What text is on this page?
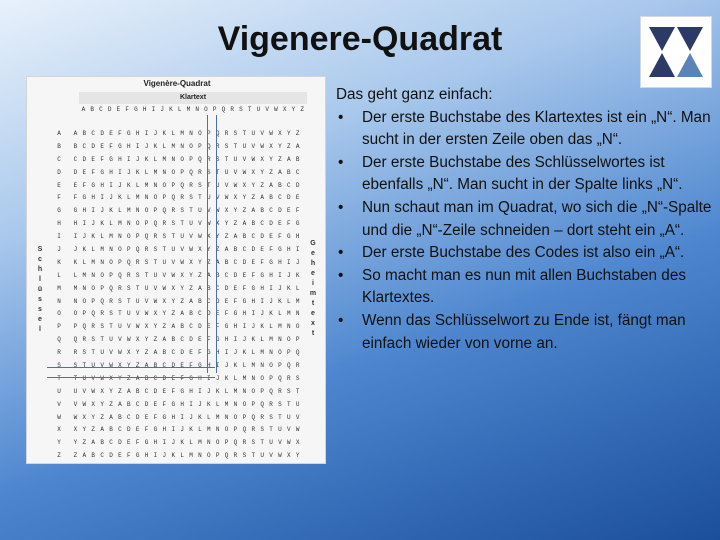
Vigenere-Quadrat
Vigenère-Quadrat
Klartext
A B C D E F G H I J K L M N O P Q R S T U V W X Y Z
S
c
h
l
ü
s
s
e
l
G
e
h
e
i
m
t
e
x
t
A	A B C D E F G H I J K L M N O P Q R S T U V W X Y Z
B	B C D E F G H I J K L M N O P Q R S T U V W X Y Z A
C	C D E F G H I J K L M N O P Q R S T U V W X Y Z A B
D	D E F G H I J K L M N O P Q R S T U V W X Y Z A B C
E	E F G H I J K L M N O P Q R S T U V W X Y Z A B C D
F	F G H I J K L M N O P Q R S T U V W X Y Z A B C D E
G	G H I J K L M N O P Q R S T U V W X Y Z A B C D E F
H	H I J K L M N O P Q R S T U V W X Y Z A B C D E F G
I	I J K L M N O P Q R S T U V W X Y Z A B C D E F G H
J	J K L M N O P Q R S T U V W X Y Z A B C D E F G H I
K	K L M N O P Q R S T U V W X Y Z A B C D E F G H I J
L	L M N O P Q R S T U V W X Y Z A B C D E F G H I J K
M	M N O P Q R S T U V W X Y Z A B C D E F G H I J K L
N	N O P Q R S T U V W X Y Z A B C D E F G H I J K L M
O	O P Q R S T U V W X Y Z A B C D E F G H I J K L M N
P	P Q R S T U V W X Y Z A B C D E F G H I J K L M N O
Q	Q R S T U V W X Y Z A B C D E F G H I J K L M N O P
R	R S T U V W X Y Z A B C D E F G H I J K L M N O P Q
S	S T U V W X Y Z A B C D E F G H I J K L M N O P Q R
T	T U V W X Y Z A B C D E F G H I J K L M N O P Q R S
U	U V W X Y Z A B C D E F G H I J K L M N O P Q R S T
V	V W X Y Z A B C D E F G H I J K L M N O P Q R S T U
W	W X Y Z A B C D E F G H I J K L M N O P Q R S T U V
X	X Y Z A B C D E F G H I J K L M N O P Q R S T U V W
Y	Y Z A B C D E F G H I J K L M N O P Q R S T U V W X
Z	Z A B C D E F G H I J K L M N O P Q R S T U V W X Y

Das geht ganz einfach:

• Der erste Buchstabe des Klartextes ist ein „N“. Man sucht in der ersten Zeile oben das „N“.
• Der erste Buchstabe des Schlüsselwortes ist ebenfalls „N“. Man sucht in der Spalte links „N“.
• Nun schaut man im Quadrat, wo sich die „N“-Spalte und die „N“-Zeile schneiden – dort steht ein „A“.
• Der erste Buchstabe des Codes ist also ein „A“.
• So macht man es nun mit allen Buchstaben des Klartextes.
• Wenn das Schlüsselwort zu Ende ist, fängt man einfach wieder von vorne an.
